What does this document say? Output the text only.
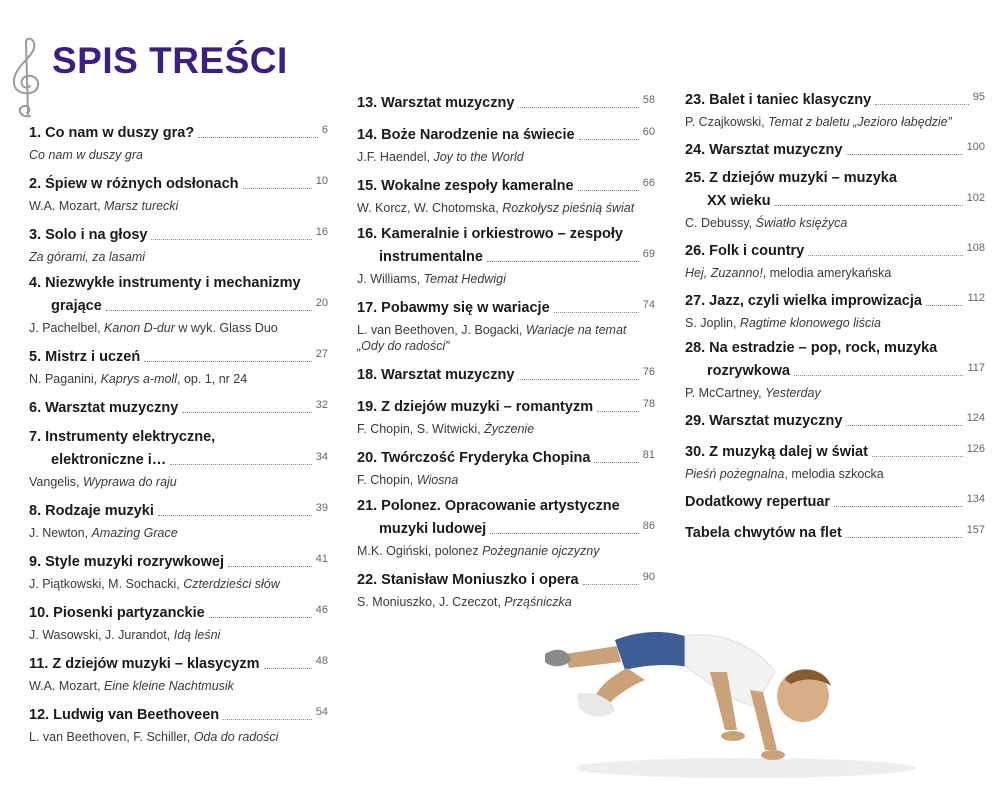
SPIS TREŚCI
1. Co nam w duszy gra?	6
Co nam w duszy gra
2. Śpiew w różnych odsłonach	10
W.A. Mozart, Marsz turecki
3. Solo i na głosy	16
Za górami, za lasami
4. Niezwykłe instrumenty i mechanizmy
grające	20
J. Pachelbel, Kanon D-dur w wyk. Glass Duo
5. Mistrz i uczeń	27
N. Paganini, Kaprys a-moll, op. 1, nr 24
6. Warsztat muzyczny	32
7. Instrumenty elektryczne,
elektroniczne i…	34
Vangelis, Wyprawa do raju
8. Rodzaje muzyki	39
J. Newton, Amazing Grace
9. Style muzyki rozrywkowej	41
J. Piątkowski, M. Sochacki, Czterdzieści słów
10. Piosenki partyzanckie	46
J. Wasowski, J. Jurandot, Idą leśni
11. Z dziejów muzyki – klasycyzm	48
W.A. Mozart, Eine kleine Nachtmusik
12. Ludwig van Beethoveen	54
L. van Beethoven, F. Schiller, Oda do radości
13. Warsztat muzyczny	58
14. Boże Narodzenie na świecie	60
J.F. Haendel, Joy to the World
15. Wokalne zespoły kameralne	66
W. Korcz, W. Chotomska, Rozkołysz pieśnią świat
16. Kameralnie i orkiestrowo – zespoły
instrumentalne	69
J. Williams, Temat Hedwigi
17. Pobawmy się w wariacje	74
L. van Beethoven, J. Bogacki, Wariacje na temat „Ody do radości”
18. Warsztat muzyczny	76
19. Z dziejów muzyki – romantyzm	78
F. Chopin, S. Witwicki, Życzenie
20. Twórczość Fryderyka Chopina	81
F. Chopin, Wiosna
21. Polonez. Opracowanie artystyczne
muzyki ludowej	86
M.K. Ogiński, polonez Pożegnanie ojczyzny
22. Stanisław Moniuszko i opera	90
S. Moniuszko, J. Czeczot, Prząśniczka
23. Balet i taniec klasyczny	95
P. Czajkowski, Temat z baletu „Jezioro łabędzie”
24. Warsztat muzyczny	100
25. Z dziejów muzyki – muzyka
XX wieku	102
C. Debussy, Światło księżyca
26. Folk i country	108
Hej, Zuzanno!, melodia amerykańska
27. Jazz, czyli wielka improwizacja	112
S. Joplin, Ragtime klonowego liścia
28. Na estradzie – pop, rock, muzyka
rozrywkowa	117
P. McCartney, Yesterday
29. Warsztat muzyczny	124
30. Z muzyką dalej w świat	126
Pieśń pożegnalna, melodia szkocka
Dodatkowy repertuar	134
Tabela chwytów na flet	157
